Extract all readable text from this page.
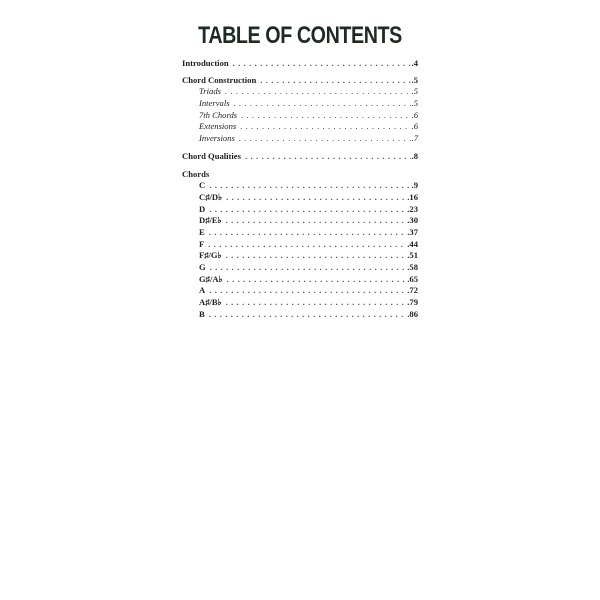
TABLE OF CONTENTS
Introduction . . .	.4
Chord Construction . . .	.5
Triads . . .	.5
Intervals . . .	.5
7th Chords . . .	.6
Extensions . . .	.6
Inversions . . .	.7
Chord Qualities . . .	.8
Chords
C . . .	.9
C♯/D♭ . . .	.16
D . . .	.23
D♯/E♭ . . .	.30
E . . .	.37
F . . .	.44
F♯/G♭ . . .	.51
G . . .	.58
G♯/A♭ . . .	.65
A . . .	.72
A♯/B♭ . . .	.79
B . . .	.86
